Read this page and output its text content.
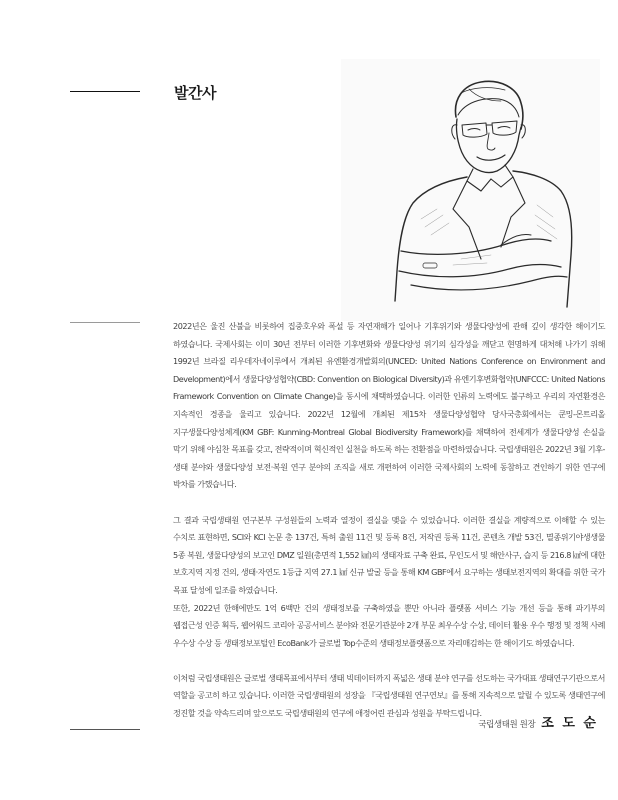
발간사

2022년은 울진 산불을 비롯하여 집중호우와 폭설 등 자연재해가 일어나 기후위기와 생물다양성에 관해 깊이 생각한 해이기도 하였습니다. 국제사회는 이미 30년 전부터 이러한 기후변화와 생물다양성 위기의 심각성을 깨닫고 현명하게 대처해 나가기 위해 1992년 브라질 리우데자네이루에서 개최된 유엔환경개발회의(UNCED: United Nations Conference on Environment and Development)에서 생물다양성협약(CBD: Convention on Biological Diversity)과 유엔기후변화협약(UNFCCC: United Nations Framework Convention on Climate Change)을 동시에 채택하였습니다. 이러한 인류의 노력에도 불구하고 우리의 자연환경은 지속적인 경종을 울리고 있습니다. 2022년 12월에 개최된 제15차 생물다양성협약 당사국총회에서는 쿤밍-몬트리올 지구생물다양성체계(KM GBF: Kunming-Montreal Global Biodiversity Framework)를 채택하여 전세계가 생물다양성 손실을 막기 위해 야심찬 목표를 갖고, 전략적이며 혁신적인 실천을 하도록 하는 전환점을 마련하였습니다. 국립생태원은 2022년 3월 기후-생태 분야와 생물다양성 보전·복원 연구 분야의 조직을 새로 개편하여 이러한 국제사회의 노력에 동참하고 견인하기 위한 연구에 박차를 가했습니다.

그 결과 국립생태원 연구본부 구성원들의 노력과 열정이 결실을 맺을 수 있었습니다. 이러한 결실을 계량적으로 이해할 수 있는 수치로 표현하면, SCI와 KCI 논문 총 137건, 특허 출원 11건 및 등록 8건, 저작권 등록 11건, 콘텐츠 개발 53건, 멸종위기야생생물 5종 복원, 생물다양성의 보고인 DMZ 일원(총면적 1,552 ㎢)의 생태자료 구축 완료, 무인도서 및 해안사구, 습지 등 216.8 ㎢에 대한 보호지역 지정 건의, 생태·자연도 1등급 지역 27.1 ㎢ 신규 발굴 등을 통해 KM GBF에서 요구하는 생태보전지역의 확대를 위한 국가 목표 달성에 일조를 하였습니다.

또한, 2022년 한해에만도 1억 6백만 건의 생태정보를 구축하였을 뿐만 아니라 플랫폼 서비스 기능 개선 등을 통해 과기부의 웹접근성 인증 획득, 웹어워드 코리아 공공서비스 분야와 전문기관분야 2개 부문 최우수상 수상, 데이터 활용 우수 행정 및 정책 사례 우수상 수상 등 생태정보포털인 EcoBank가 글로벌 Top수준의 생태정보플랫폼으로 자리매김하는 한 해이기도 하였습니다.

이처럼 국립생태원은 글로벌 생태목표에서부터 생태 빅데이터까지 폭넓은 생태 분야 연구를 선도하는 국가대표 생태연구기관으로서 역할을 공고히 하고 있습니다. 이러한 국립생태원의 성장을 『국립생태원 연구연보』를 통해 지속적으로 알릴 수 있도록 생태연구에 정진할 것을 약속드리며 앞으로도 국립생태원의 연구에 애정어린 관심과 성원을 부탁드립니다.

국립생태원 원장 조 도 순
